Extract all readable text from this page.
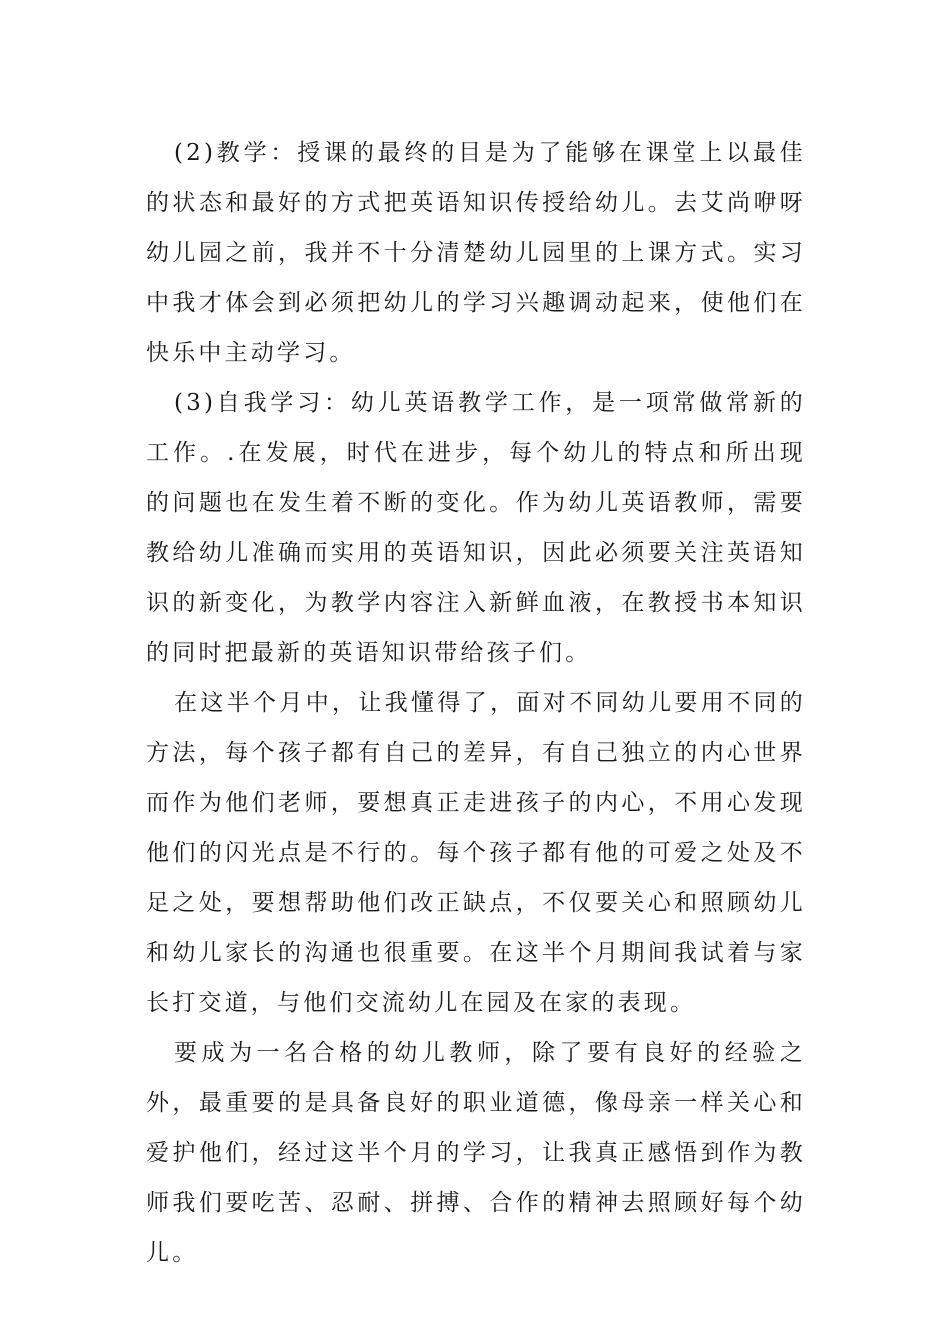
(2)教学：授课的最终的目是为了能够在课堂上以最佳的状态和最好的方式把英语知识传授给幼儿。去艾尚咿呀幼儿园之前，我并不十分清楚幼儿园里的上课方式。实习中我才体会到必须把幼儿的学习兴趣调动起来，使他们在快乐中主动学习。

(3)自我学习：幼儿英语教学工作，是一项常做常新的工作。.在发展，时代在进步，每个幼儿的特点和所出现的问题也在发生着不断的变化。作为幼儿英语教师，需要教给幼儿准确而实用的英语知识，因此必须要关注英语知识的新变化，为教学内容注入新鲜血液，在教授书本知识的同时把最新的英语知识带给孩子们。

在这半个月中，让我懂得了，面对不同幼儿要用不同的方法，每个孩子都有自己的差异，有自己独立的内心世界而作为他们老师，要想真正走进孩子的内心，不用心发现他们的闪光点是不行的。每个孩子都有他的可爱之处及不足之处，要想帮助他们改正缺点，不仅要关心和照顾幼儿和幼儿家长的沟通也很重要。在这半个月期间我试着与家长打交道，与他们交流幼儿在园及在家的表现。

要成为一名合格的幼儿教师，除了要有良好的经验之外，最重要的是具备良好的职业道德，像母亲一样关心和爱护他们，经过这半个月的学习，让我真正感悟到作为教师我们要吃苦、忍耐、拼搏、合作的精神去照顾好每个幼儿。
